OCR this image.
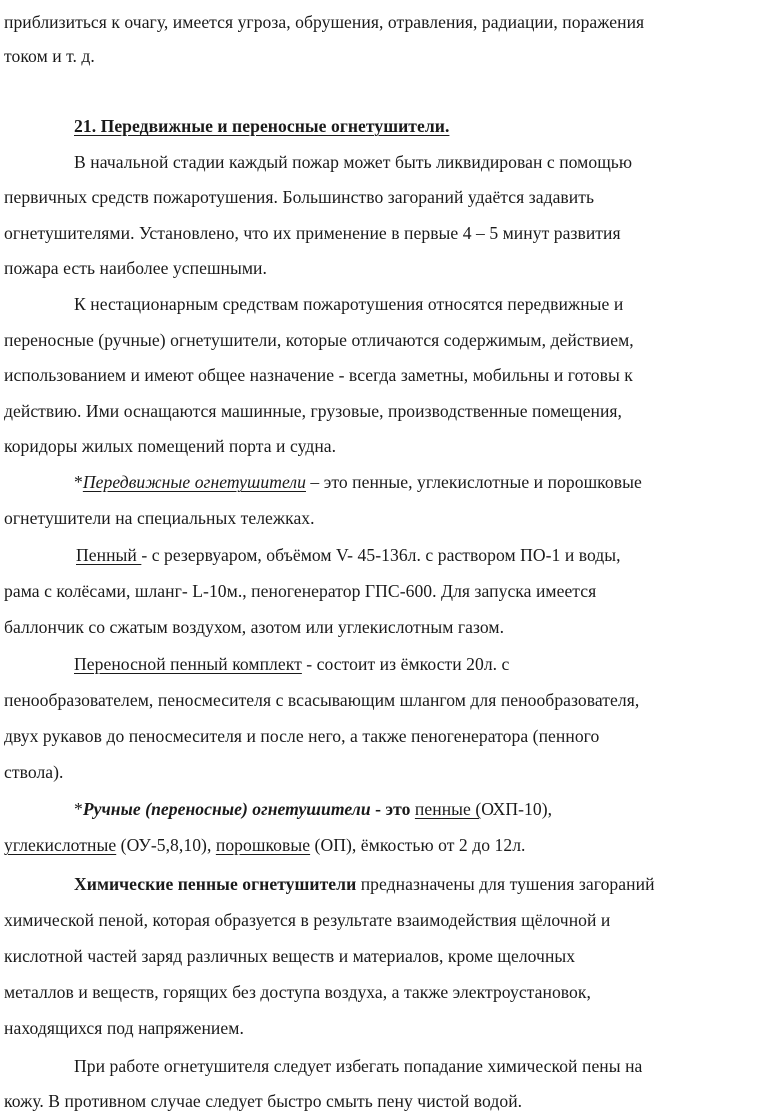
приблизиться к очагу, имеется угроза, обрушения, отравления, радиации, поражения
током и т. д.
21. Передвижные и переносные огнетушители.
В начальной стадии каждый пожар может быть ликвидирован с помощью
первичных средств пожаротушения. Большинство загораний удаётся задавить
огнетушителями. Установлено, что их применение в первые 4 – 5 минут развития
пожара есть наиболее успешными.
К нестационарным средствам пожаротушения относятся передвижные и
переносные (ручные) огнетушители, которые отличаются содержимым, действием,
использованием и имеют общее назначение - всегда заметны, мобильны и готовы к
действию. Ими оснащаются машинные, грузовые, производственные помещения,
коридоры жилых помещений порта и судна.
*Передвижные огнетушители – это пенные, углекислотные и порошковые
огнетушители на специальных тележках.
Пенный - с резервуаром, объёмом V- 45-136л. с раствором ПО-1 и воды,
рама с колёсами, шланг- L-10м., пеногенератор ГПС-600. Для запуска имеется
баллончик со сжатым воздухом, азотом или углекислотным газом.
Переносной пенный комплект - состоит из ёмкости 20л. с
пенообразователем, пеносмесителя с всасывающим шлангом для пенообразователя,
двух рукавов до пеносмесителя и после него, а также пеногенератора (пенного
ствола).
*Ручные (переносные) огнетушители - это пенные (ОХП-10),
углекислотные (ОУ-5,8,10), порошковые (ОП), ёмкостью от 2 до 12л.
Химические пенные огнетушители предназначены для тушения загораний
химической пеной, которая образуется в результате взаимодействия щёлочной и
кислотной частей заряд различных веществ и материалов, кроме щелочных
металлов и веществ, горящих без доступа воздуха, а также электроустановок,
находящихся под напряжением.
При работе огнетушителя следует избегать попадание химической пены на
кожу. В противном случае следует быстро смыть пену чистой водой.
